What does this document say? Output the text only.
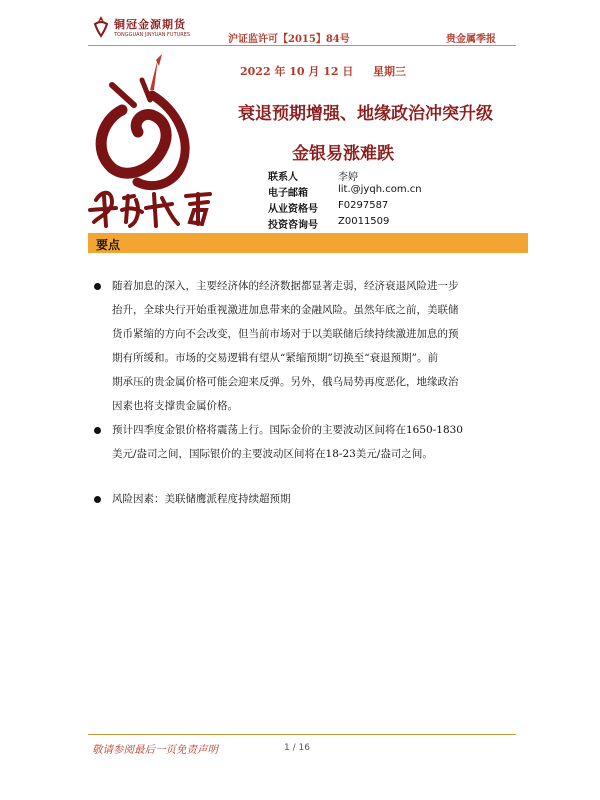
铜冠金源期货
TONGGUAN JINYUAN FUTURES	沪证监许可【2015】84号	贵金属季报
2022 年 10 月 12 日 星期三
衰退预期增强、地缘政治冲突升级
金银易涨难跌
联系人	李婷
电子邮箱	lit.@jyqh.com.cn
从业资格号 F0297587
投资咨询号 Z0011509
要点
随着加息的深入，主要经济体的经济数据都显著走弱，经济衰退风险进一步
抬升，全球央行开始重视激进加息带来的金融风险。虽然年底之前，美联储
货币紧缩的方向不会改变，但当前市场对于以美联储后续持续激进加息的预
期有所缓和。市场的交易逻辑有望从“紧缩预期”切换至“衰退预期”。前
期承压的贵金属价格可能会迎来反弹。另外，俄乌局势再度恶化，地缘政治
因素也将支撑贵金属价格。
预计四季度金银价格将震荡上行。国际金价的主要波动区间将在1650-1830
美元/盎司之间，国际银价的主要波动区间将在18-23美元/盎司之间。
风险因素：美联储鹰派程度持续超预期
敬请参阅最后一页免责声明	1 / 16
